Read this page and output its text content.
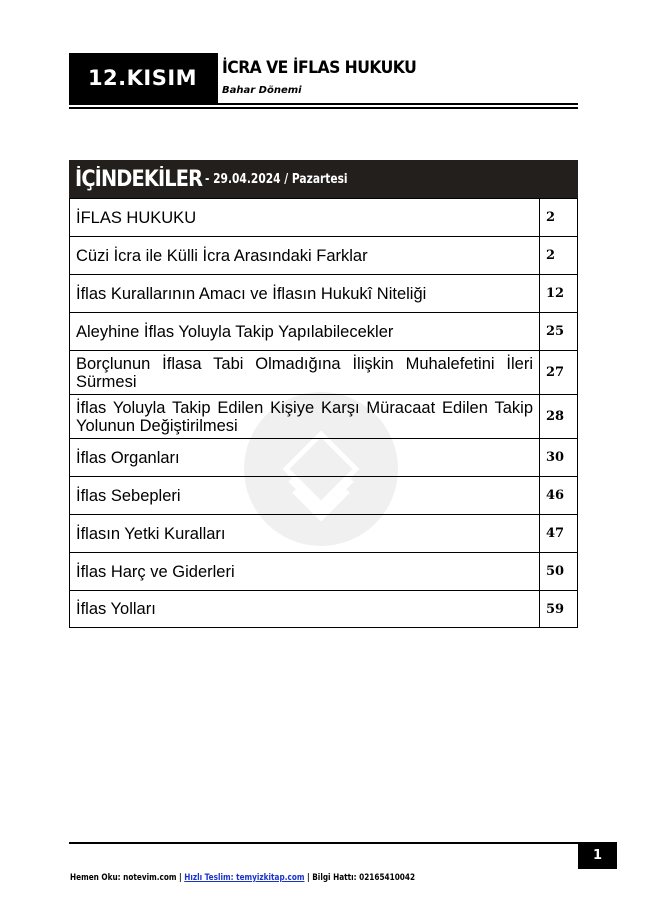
12.KISIM	İCRA VE İFLAS HUKUKU
Bahar Dönemi
İÇİNDEKİLER - 29.04.2024 / Pazartesi
İFLAS HUKUKU	2
Cüzi İcra ile Külli İcra Arasındaki Farklar	2
İflas Kurallarının Amacı ve İflasın Hukukî Niteliği	12
Aleyhine İflas Yoluyla Takip Yapılabilecekler	25
Borçlunun İflasa Tabi Olmadığına İlişkin Muhalefetini İleri Sürmesi	27
İflas Yoluyla Takip Edilen Kişiye Karşı Müracaat Edilen Takip Yolunun Değiştirilmesi	28
İflas Organları	30
İflas Sebepleri	46
İflasın Yetki Kuralları	47
İflas Harç ve Giderleri	50
İflas Yolları	59
1
Hemen Oku: notevim.com | Hızlı Teslim: temyizkitap.com | Bilgi Hattı: 02165410042
